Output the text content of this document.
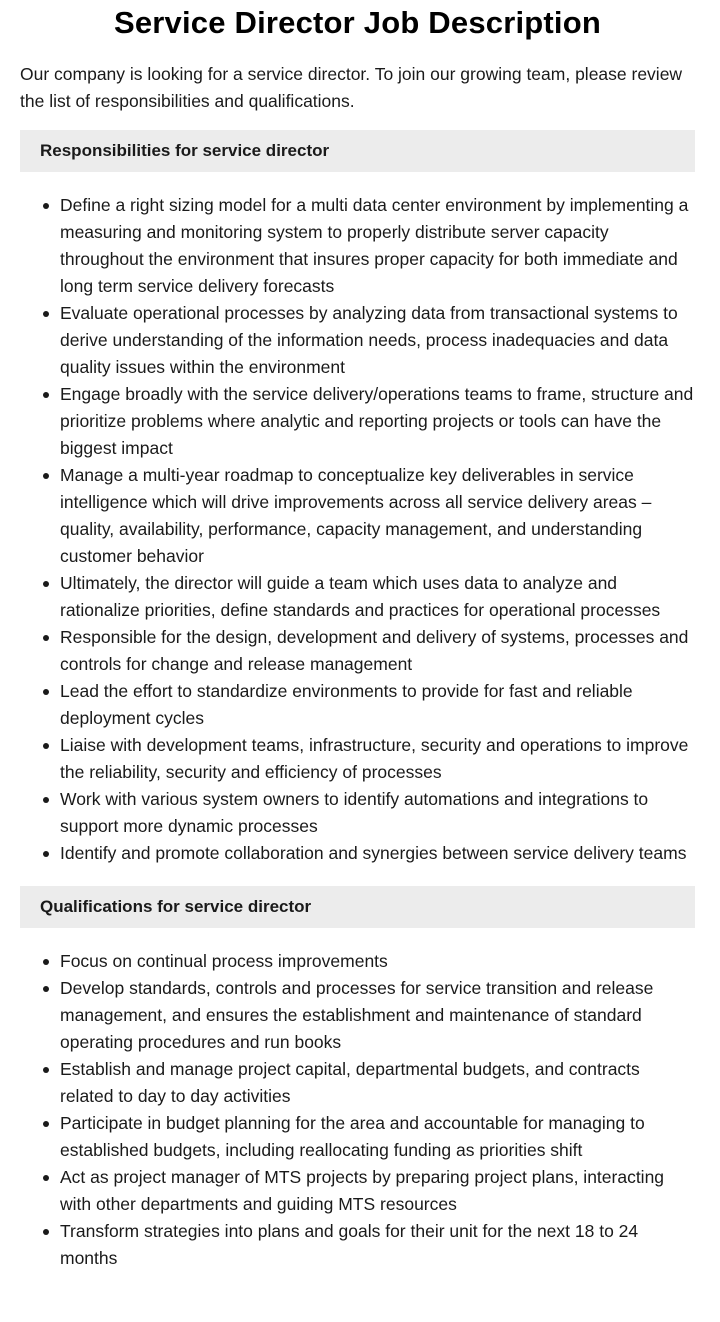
Service Director Job Description

Our company is looking for a service director. To join our growing team, please review the list of responsibilities and qualifications.

Responsibilities for service director
Define a right sizing model for a multi data center environment by implementing a measuring and monitoring system to properly distribute server capacity throughout the environment that insures proper capacity for both immediate and long term service delivery forecasts
Evaluate operational processes by analyzing data from transactional systems to derive understanding of the information needs, process inadequacies and data quality issues within the environment
Engage broadly with the service delivery/operations teams to frame, structure and prioritize problems where analytic and reporting projects or tools can have the biggest impact
Manage a multi-year roadmap to conceptualize key deliverables in service intelligence which will drive improvements across all service delivery areas – quality, availability, performance, capacity management, and understanding customer behavior
Ultimately, the director will guide a team which uses data to analyze and rationalize priorities, define standards and practices for operational processes
Responsible for the design, development and delivery of systems, processes and controls for change and release management
Lead the effort to standardize environments to provide for fast and reliable deployment cycles
Liaise with development teams, infrastructure, security and operations to improve the reliability, security and efficiency of processes
Work with various system owners to identify automations and integrations to support more dynamic processes
Identify and promote collaboration and synergies between service delivery teams
Qualifications for service director
Focus on continual process improvements
Develop standards, controls and processes for service transition and release management, and ensures the establishment and maintenance of standard operating procedures and run books
Establish and manage project capital, departmental budgets, and contracts related to day to day activities
Participate in budget planning for the area and accountable for managing to established budgets, including reallocating funding as priorities shift
Act as project manager of MTS projects by preparing project plans, interacting with other departments and guiding MTS resources
Transform strategies into plans and goals for their unit for the next 18 to 24 months
